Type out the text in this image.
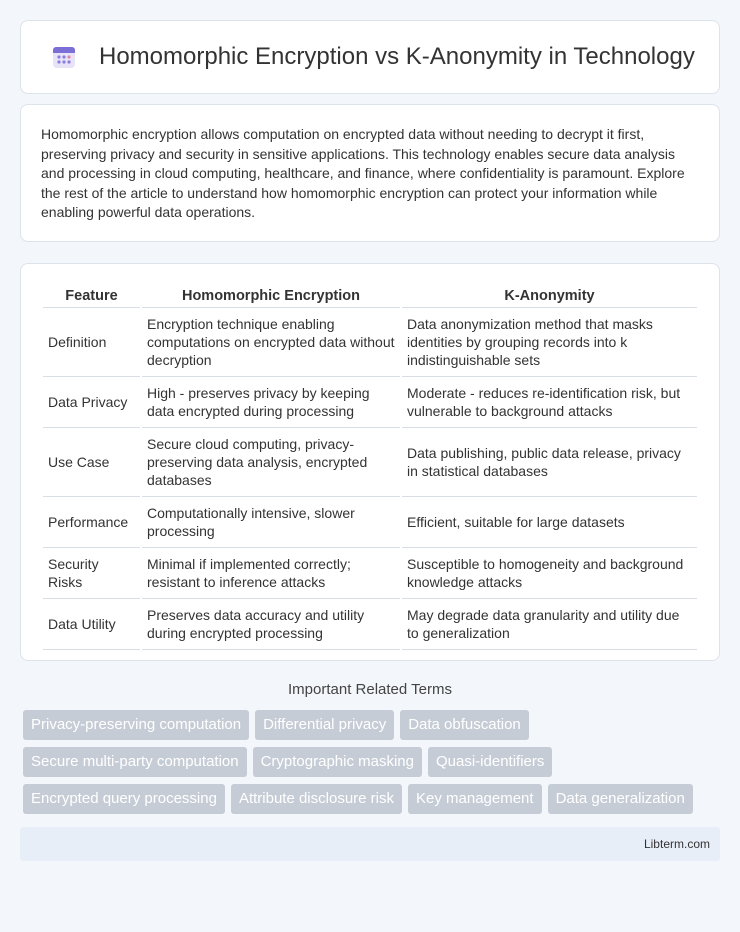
Homomorphic Encryption vs K-Anonymity in Technology

Homomorphic encryption allows computation on encrypted data without needing to decrypt it first, preserving privacy and security in sensitive applications. This technology enables secure data analysis and processing in cloud computing, healthcare, and finance, where confidentiality is paramount. Explore the rest of the article to understand how homomorphic encryption can protect your information while enabling powerful data operations.

Feature	Homomorphic Encryption	K-Anonymity
Definition	Encryption technique enabling computations on encrypted data without decryption	Data anonymization method that masks identities by grouping records into k indistinguishable sets
Data Privacy	High - preserves privacy by keeping data encrypted during processing	Moderate - reduces re-identification risk, but vulnerable to background attacks
Use Case	Secure cloud computing, privacy-preserving data analysis, encrypted databases	Data publishing, public data release, privacy in statistical databases
Performance	Computationally intensive, slower processing	Efficient, suitable for large datasets
Security Risks	Minimal if implemented correctly; resistant to inference attacks	Susceptible to homogeneity and background knowledge attacks
Data Utility	Preserves data accuracy and utility during encrypted processing	May degrade data granularity and utility due to generalization
Important Related Terms
Privacy-preserving computation	Differential privacy	Data obfuscation
Secure multi-party computation	Cryptographic masking	Quasi-identifiers
Encrypted query processing	Attribute disclosure risk	Key management	Data generalization
Libterm.com
